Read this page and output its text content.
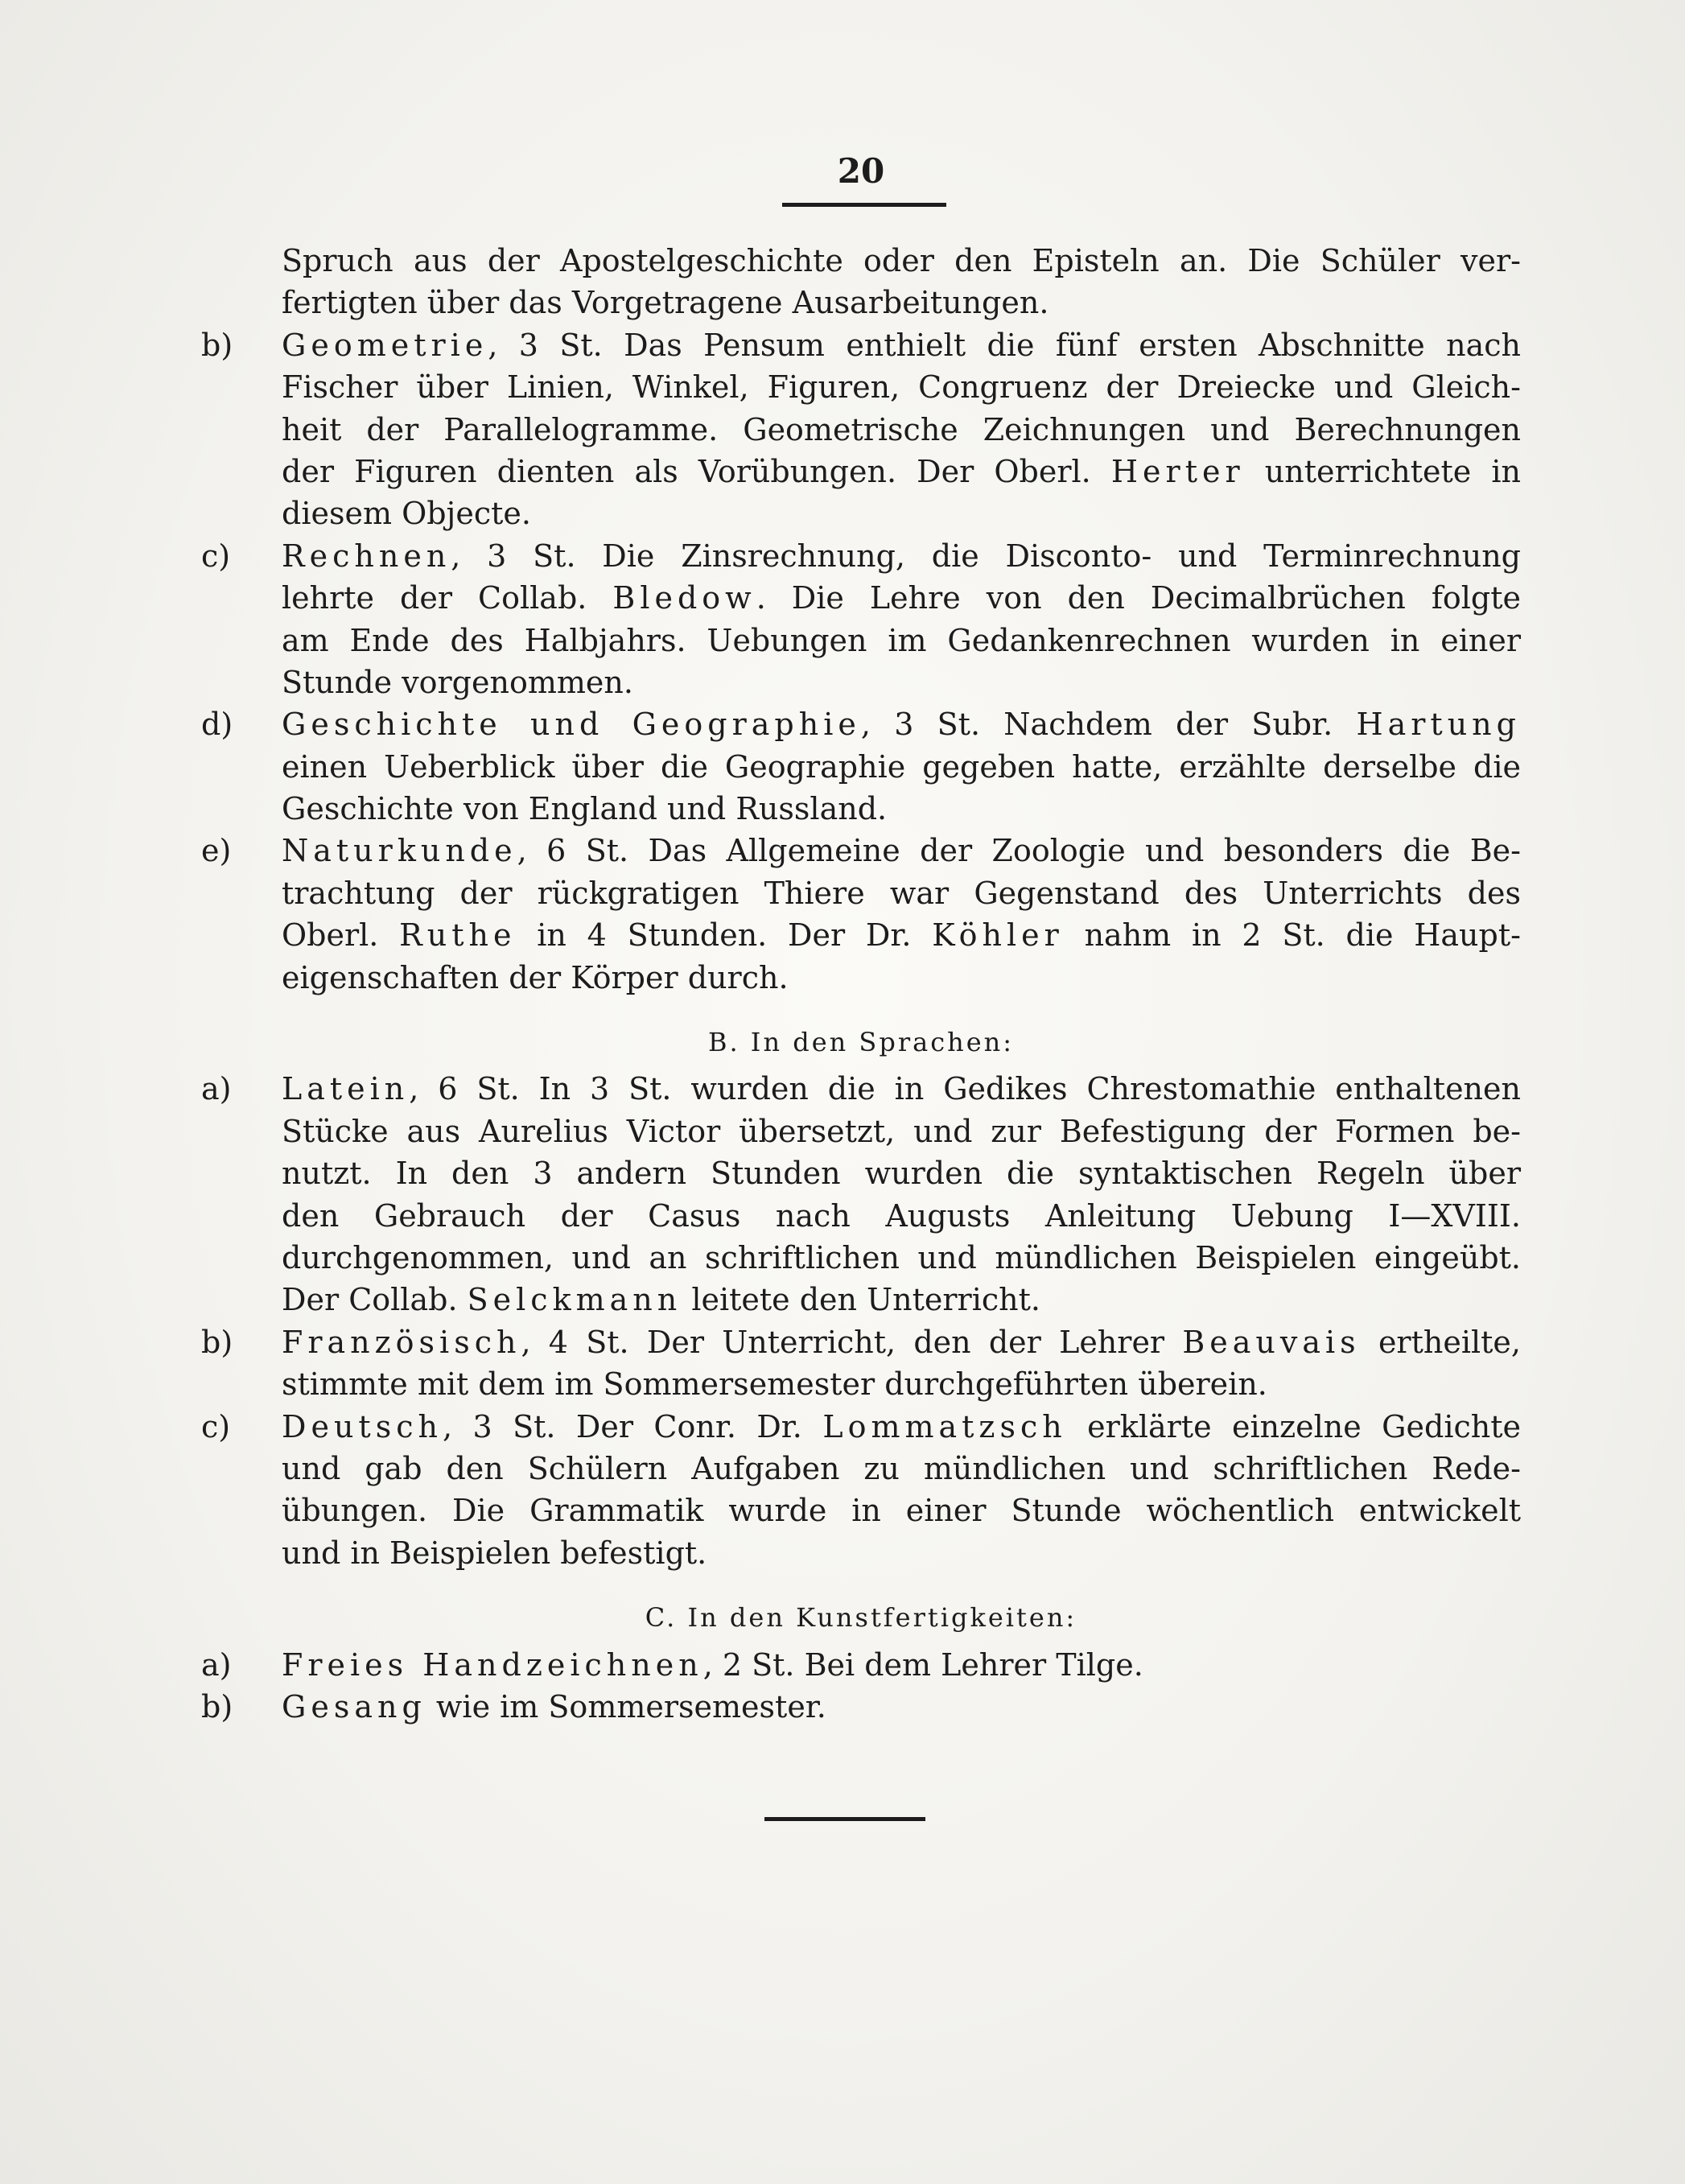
20
Spruch aus der Apostelgeschichte oder den Episteln an. Die Schüler ver-
fertigten über das Vorgetragene Ausarbeitungen.
b) Geometrie, 3 St. Das Pensum enthielt die fünf ersten Abschnitte nach
Fischer über Linien, Winkel, Figuren, Congruenz der Dreiecke und Gleich-
heit der Parallelogramme. Geometrische Zeichnungen und Berechnungen
der Figuren dienten als Vorübungen. Der Oberl. Herter unterrichtete in
diesem Objecte.
c) Rechnen, 3 St. Die Zinsrechnung, die Disconto- und Terminrechnung
lehrte der Collab. Bledow. Die Lehre von den Decimalbrüchen folgte
am Ende des Halbjahrs. Uebungen im Gedankenrechnen wurden in einer
Stunde vorgenommen.
d) Geschichte und Geographie, 3 St. Nachdem der Subr. Hartung
einen Ueberblick über die Geographie gegeben hatte, erzählte derselbe die
Geschichte von England und Russland.
e) Naturkunde, 6 St. Das Allgemeine der Zoologie und besonders die Be-
trachtung der rückgratigen Thiere war Gegenstand des Unterrichts des
Oberl. Ruthe in 4 Stunden. Der Dr. Köhler nahm in 2 St. die Haupt-
eigenschaften der Körper durch.
B. In den Sprachen:
a) Latein, 6 St. In 3 St. wurden die in Gedikes Chrestomathie enthaltenen
Stücke aus Aurelius Victor übersetzt, und zur Befestigung der Formen be-
nutzt. In den 3 andern Stunden wurden die syntaktischen Regeln über
den Gebrauch der Casus nach Augusts Anleitung Uebung I—XVIII.
durchgenommen, und an schriftlichen und mündlichen Beispielen eingeübt.
Der Collab. Selckmann leitete den Unterricht.
b) Französisch, 4 St. Der Unterricht, den der Lehrer Beauvais ertheilte,
stimmte mit dem im Sommersemester durchgeführten überein.
c) Deutsch, 3 St. Der Conr. Dr. Lommatzsch erklärte einzelne Gedichte
und gab den Schülern Aufgaben zu mündlichen und schriftlichen Rede-
übungen. Die Grammatik wurde in einer Stunde wöchentlich entwickelt
und in Beispielen befestigt.
C. In den Kunstfertigkeiten:
a) Freies Handzeichnen, 2 St. Bei dem Lehrer Tilge.
b) Gesang wie im Sommersemester.
